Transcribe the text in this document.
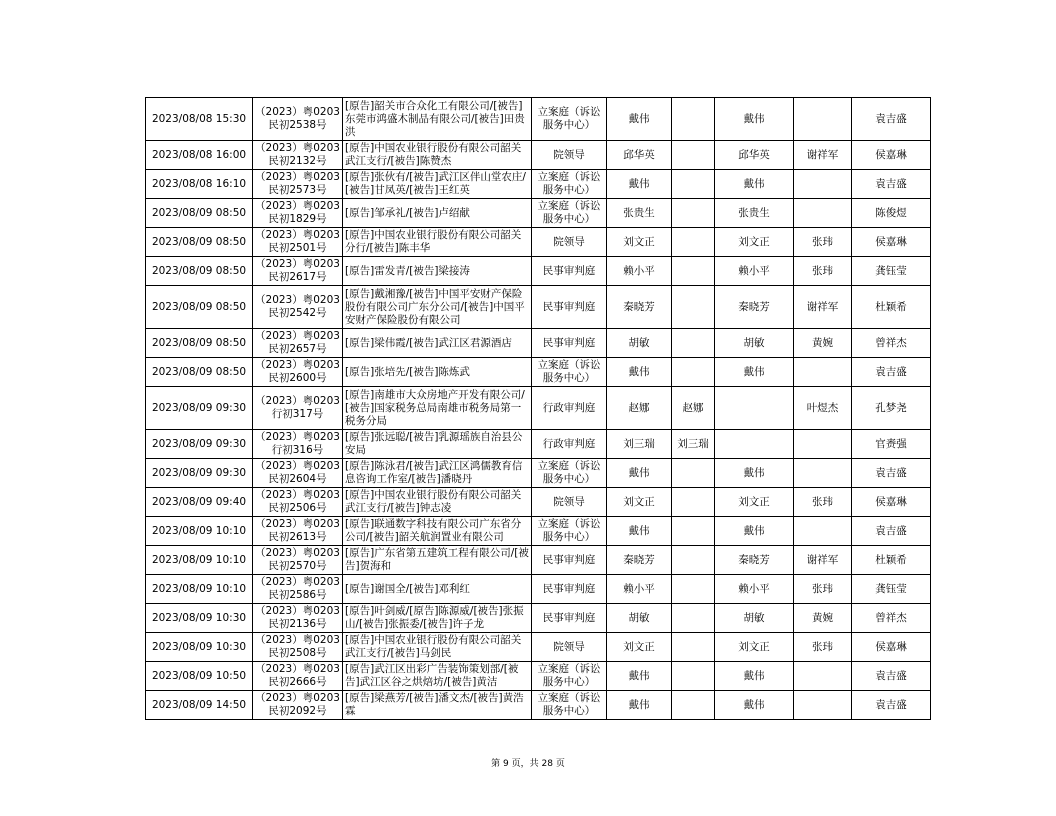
2023/08/08 15:30	（2023）粤0203民初2538号	[原告]韶关市合众化工有限公司/[被告]东莞市鸿盛木制品有限公司/[被告]田贵洪	立案庭（诉讼服务中心）	戴伟		戴伟		袁吉盛
2023/08/08 16:00	（2023）粤0203民初2132号	[原告]中国农业银行股份有限公司韶关武江支行/[被告]陈赞杰	院领导	邱华英		邱华英	谢祥军	侯嘉琳
2023/08/08 16:10	（2023）粤0203民初2573号	[原告]张伙有/[被告]武江区伴山堂农庄/[被告]甘凤英/[被告]王红英	立案庭（诉讼服务中心）	戴伟		戴伟		袁吉盛
2023/08/09 08:50	（2023）粤0203民初1829号	[原告]邹承礼/[被告]卢绍献	立案庭（诉讼服务中心）	张贵生		张贵生		陈俊煜
2023/08/09 08:50	（2023）粤0203民初2501号	[原告]中国农业银行股份有限公司韶关分行/[被告]陈丰华	院领导	刘文正		刘文正	张玮	侯嘉琳
2023/08/09 08:50	（2023）粤0203民初2617号	[原告]雷发青/[被告]梁接涛	民事审判庭	赖小平		赖小平	张玮	龚钰莹
2023/08/09 08:50	（2023）粤0203民初2542号	[原告]戴湘豫/[被告]中国平安财产保险股份有限公司广东分公司/[被告]中国平安财产保险股份有限公司	民事审判庭	秦晓芳		秦晓芳	谢祥军	杜颖希
2023/08/09 08:50	（2023）粤0203民初2657号	[原告]梁伟霞/[被告]武江区君源酒店	民事审判庭	胡敏		胡敏	黄婉	曾祥杰
2023/08/09 08:50	（2023）粤0203民初2600号	[原告]张培先/[被告]陈炼武	立案庭（诉讼服务中心）	戴伟		戴伟		袁吉盛
2023/08/09 09:30	（2023）粤0203行初317号	[原告]南雄市大众房地产开发有限公司/[被告]国家税务总局南雄市税务局第一税务分局	行政审判庭	赵娜	赵娜		叶煜杰	孔梦尧
2023/08/09 09:30	（2023）粤0203行初316号	[原告]张远聪/[被告]乳源瑶族自治县公安局	行政审判庭	刘三瑞	刘三瑞			官赉强
2023/08/09 09:30	（2023）粤0203民初2604号	[原告]陈泳君/[被告]武江区鸿儒教育信息咨询工作室/[被告]潘晓丹	立案庭（诉讼服务中心）	戴伟		戴伟		袁吉盛
2023/08/09 09:40	（2023）粤0203民初2506号	[原告]中国农业银行股份有限公司韶关武江支行/[被告]钟志凌	院领导	刘文正		刘文正	张玮	侯嘉琳
2023/08/09 10:10	（2023）粤0203民初2613号	[原告]联通数字科技有限公司广东省分公司/[被告]韶关航润置业有限公司	立案庭（诉讼服务中心）	戴伟		戴伟		袁吉盛
2023/08/09 10:10	（2023）粤0203民初2570号	[原告]广东省第五建筑工程有限公司/[被告]贺海和	民事审判庭	秦晓芳		秦晓芳	谢祥军	杜颖希
2023/08/09 10:10	（2023）粤0203民初2586号	[原告]谢国全/[被告]邓利红	民事审判庭	赖小平		赖小平	张玮	龚钰莹
2023/08/09 10:30	（2023）粤0203民初2136号	[原告]叶剑威/[原告]陈源威/[被告]张振山/[被告]张振委/[被告]许子龙	民事审判庭	胡敏		胡敏	黄婉	曾祥杰
2023/08/09 10:30	（2023）粤0203民初2508号	[原告]中国农业银行股份有限公司韶关武江支行/[被告]马剑民	院领导	刘文正		刘文正	张玮	侯嘉琳
2023/08/09 10:50	（2023）粤0203民初2666号	[原告]武江区出彩广告装饰策划部/[被告]武江区谷之烘焙坊/[被告]黄洁	立案庭（诉讼服务中心）	戴伟		戴伟		袁吉盛
2023/08/09 14:50	（2023）粤0203民初2092号	[原告]梁燕芳/[被告]潘文杰/[被告]黄浩霖	立案庭（诉讼服务中心）	戴伟		戴伟		袁吉盛
第 9 页，共 28 页
